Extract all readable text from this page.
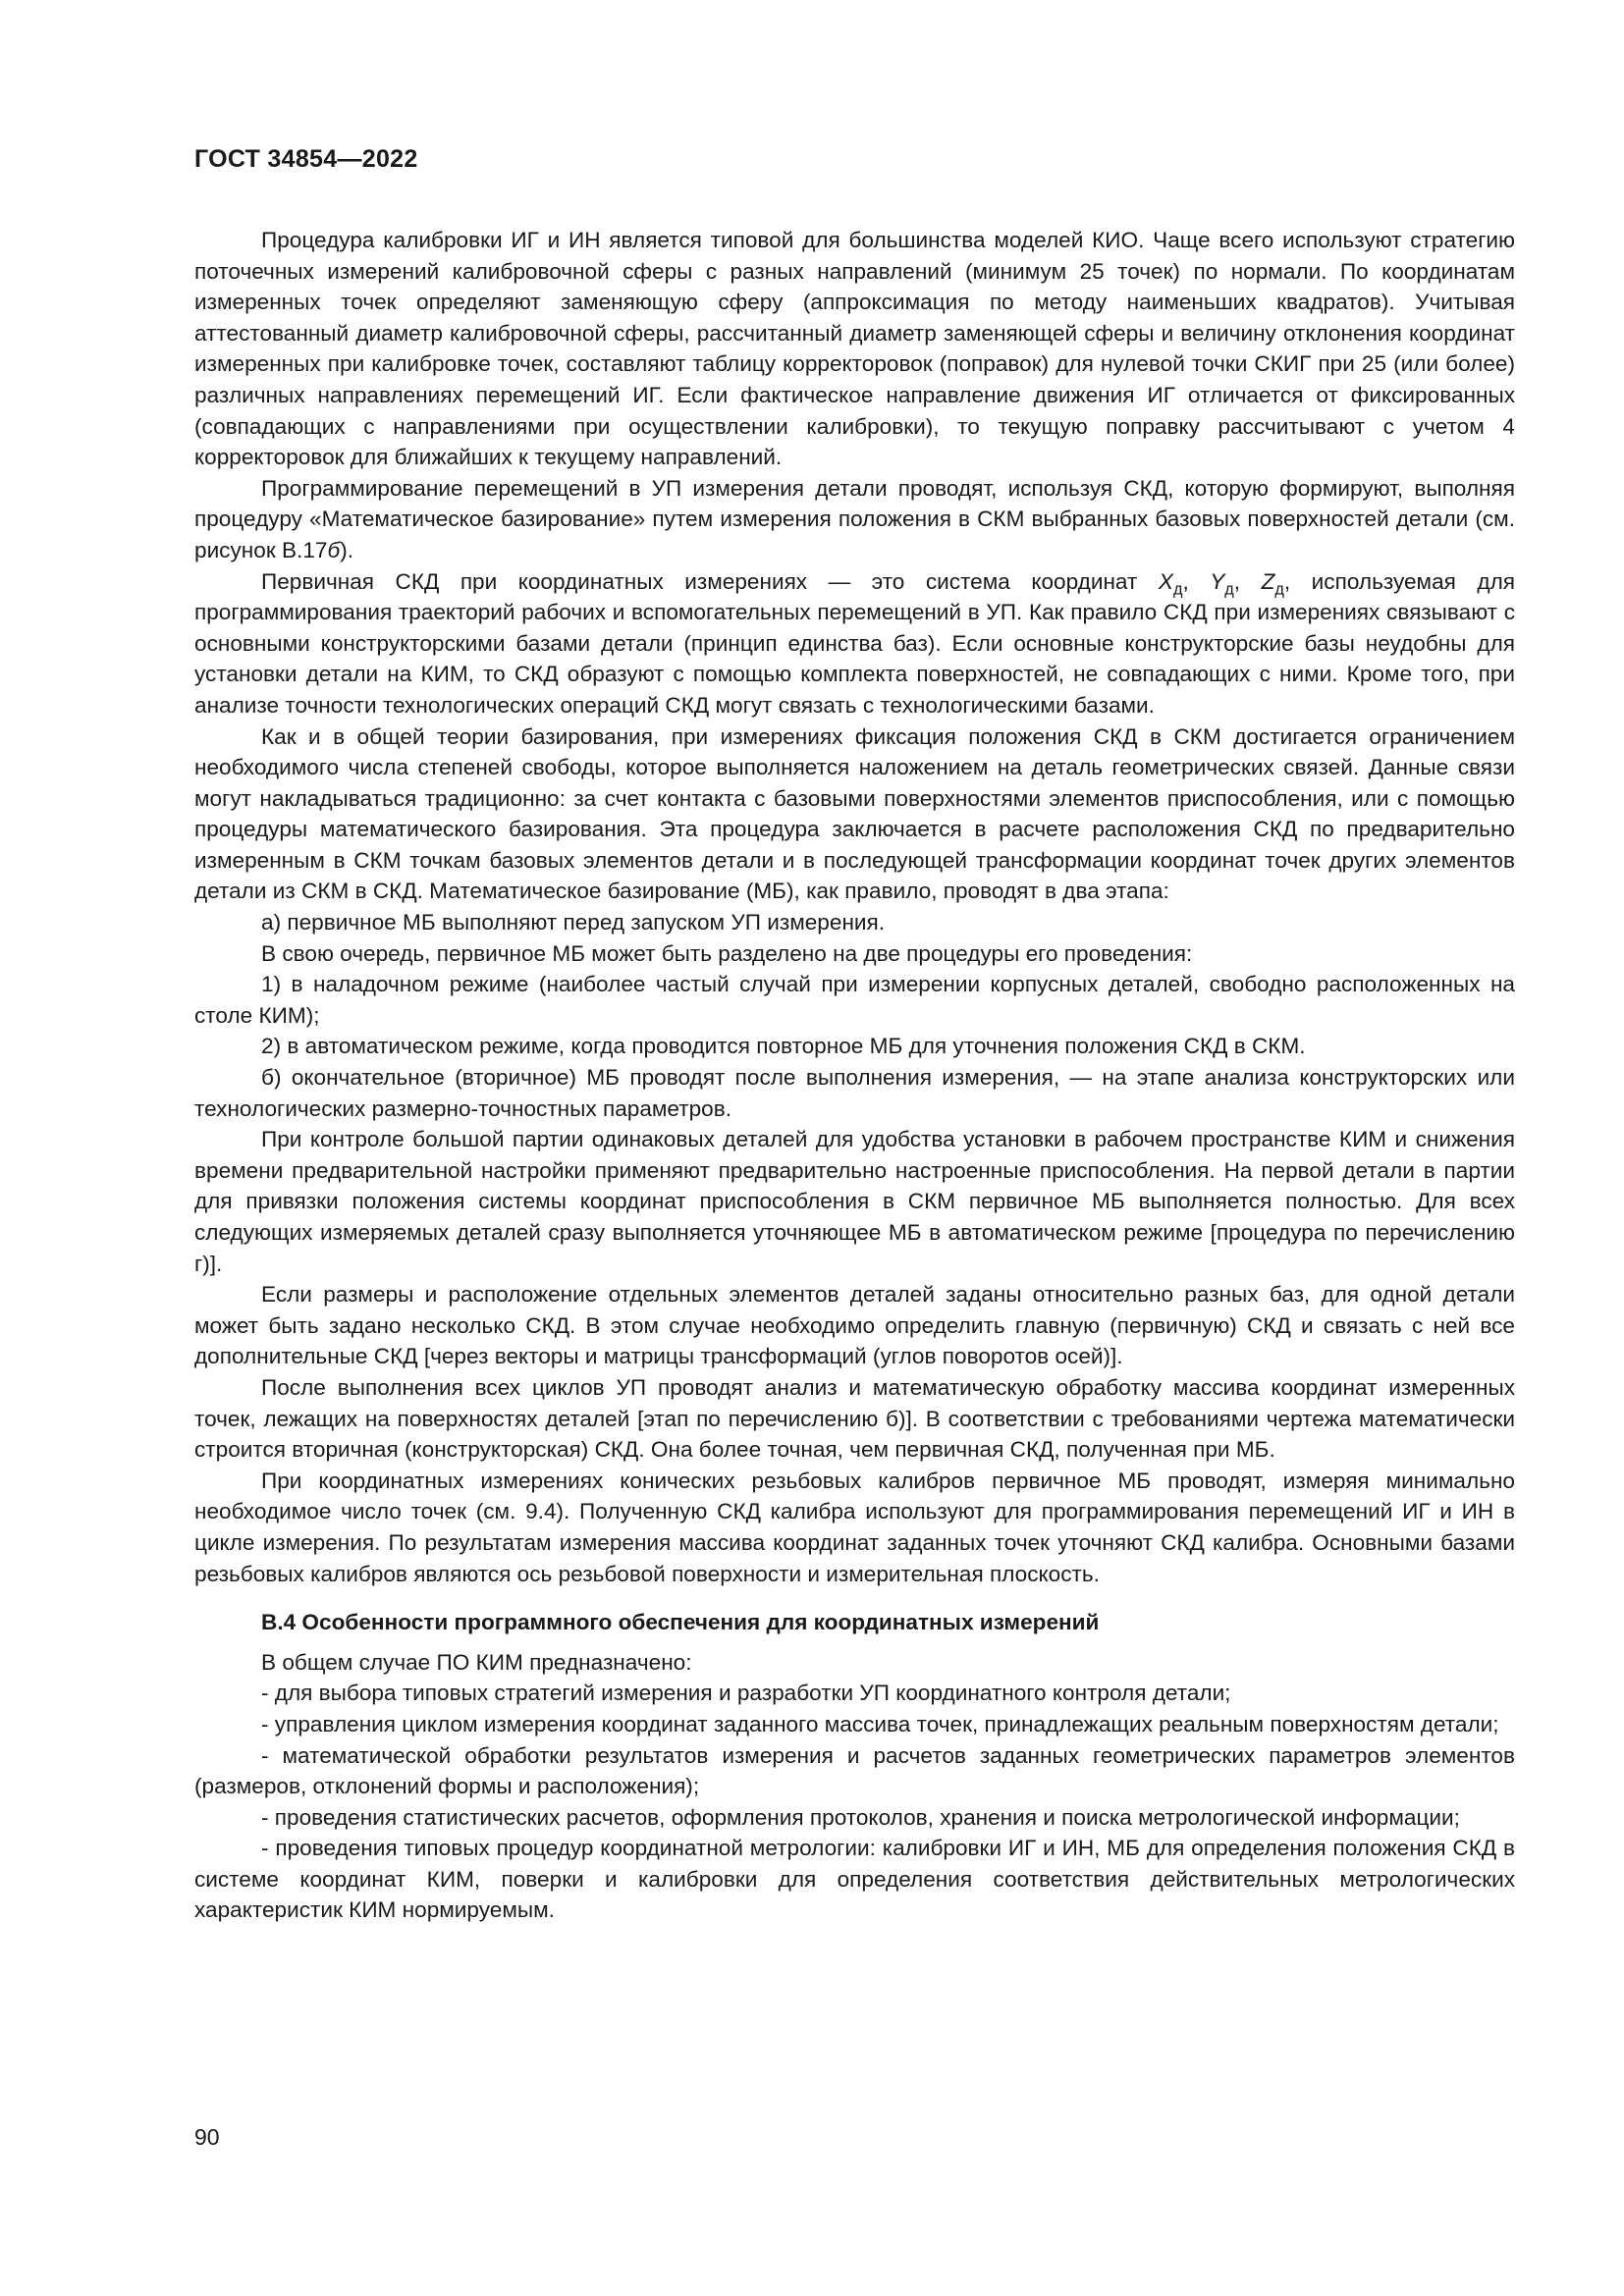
ГОСТ 34854—2022

Процедура калибровки ИГ и ИН является типовой для большинства моделей КИО. Чаще всего используют стратегию поточечных измерений калибровочной сферы с разных направлений (минимум 25 точек) по нормали. По координатам измеренных точек определяют заменяющую сферу (аппроксимация по методу наименьших квадратов). Учитывая аттестованный диаметр калибровочной сферы, рассчитанный диаметр заменяющей сферы и величину отклонения координат измеренных при калибровке точек, составляют таблицу корректоровок (поправок) для нулевой точки СКИГ при 25 (или более) различных направлениях перемещений ИГ. Если фактическое направление движения ИГ отличается от фиксированных (совпадающих с направлениями при осуществлении калибровки), то текущую поправку рассчитывают с учетом 4 корректоровок для ближайших к текущему направлений.

Программирование перемещений в УП измерения детали проводят, используя СКД, которую формируют, выполняя процедуру «Математическое базирование» путем измерения положения в СКМ выбранных базовых поверхностей детали (см. рисунок В.17б).

Первичная СКД при координатных измерениях — это система координат $X_д$, $Y_д$, $Z_д$, используемая для программирования траекторий рабочих и вспомогательных перемещений в УП. Как правило СКД при измерениях связывают с основными конструкторскими базами детали (принцип единства баз). Если основные конструкторские базы неудобны для установки детали на КИМ, то СКД образуют с помощью комплекта поверхностей, не совпадающих с ними. Кроме того, при анализе точности технологических операций СКД могут связать с технологическими базами.

Как и в общей теории базирования, при измерениях фиксация положения СКД в СКМ достигается ограничением необходимого числа степеней свободы, которое выполняется наложением на деталь геометрических связей. Данные связи могут накладываться традиционно: за счет контакта с базовыми поверхностями элементов приспособления, или с помощью процедуры математического базирования. Эта процедура заключается в расчете расположения СКД по предварительно измеренным в СКМ точкам базовых элементов детали и в последующей трансформации координат точек других элементов детали из СКМ в СКД. Математическое базирование (МБ), как правило, проводят в два этапа:

а) первичное МБ выполняют перед запуском УП измерения.

В свою очередь, первичное МБ может быть разделено на две процедуры его проведения:

1) в наладочном режиме (наиболее частый случай при измерении корпусных деталей, свободно расположенных на столе КИМ);

2) в автоматическом режиме, когда проводится повторное МБ для уточнения положения СКД в СКМ.

б) окончательное (вторичное) МБ проводят после выполнения измерения, — на этапе анализа конструкторских или технологических размерно-точностных параметров.

При контроле большой партии одинаковых деталей для удобства установки в рабочем пространстве КИМ и снижения времени предварительной настройки применяют предварительно настроенные приспособления. На первой детали в партии для привязки положения системы координат приспособления в СКМ первичное МБ выполняется полностью. Для всех следующих измеряемых деталей сразу выполняется уточняющее МБ в автоматическом режиме [процедура по перечислению г)].

Если размеры и расположение отдельных элементов деталей заданы относительно разных баз, для одной детали может быть задано несколько СКД. В этом случае необходимо определить главную (первичную) СКД и связать с ней все дополнительные СКД [через векторы и матрицы трансформаций (углов поворотов осей)].

После выполнения всех циклов УП проводят анализ и математическую обработку массива координат измеренных точек, лежащих на поверхностях деталей [этап по перечислению б)]. В соответствии с требованиями чертежа математически строится вторичная (конструкторская) СКД. Она более точная, чем первичная СКД, полученная при МБ.

При координатных измерениях конических резьбовых калибров первичное МБ проводят, измеряя минимально необходимое число точек (см. 9.4). Полученную СКД калибра используют для программирования перемещений ИГ и ИН в цикле измерения. По результатам измерения массива координат заданных точек уточняют СКД калибра. Основными базами резьбовых калибров являются ось резьбовой поверхности и измерительная плоскость.

В.4 Особенности программного обеспечения для координатных измерений

В общем случае ПО КИМ предназначено:

- для выбора типовых стратегий измерения и разработки УП координатного контроля детали;

- управления циклом измерения координат заданного массива точек, принадлежащих реальным поверхностям детали;

- математической обработки результатов измерения и расчетов заданных геометрических параметров элементов (размеров, отклонений формы и расположения);

- проведения статистических расчетов, оформления протоколов, хранения и поиска метрологической информации;

- проведения типовых процедур координатной метрологии: калибровки ИГ и ИН, МБ для определения положения СКД в системе координат КИМ, поверки и калибровки для определения соответствия действительных метрологических характеристик КИМ нормируемым.

90
